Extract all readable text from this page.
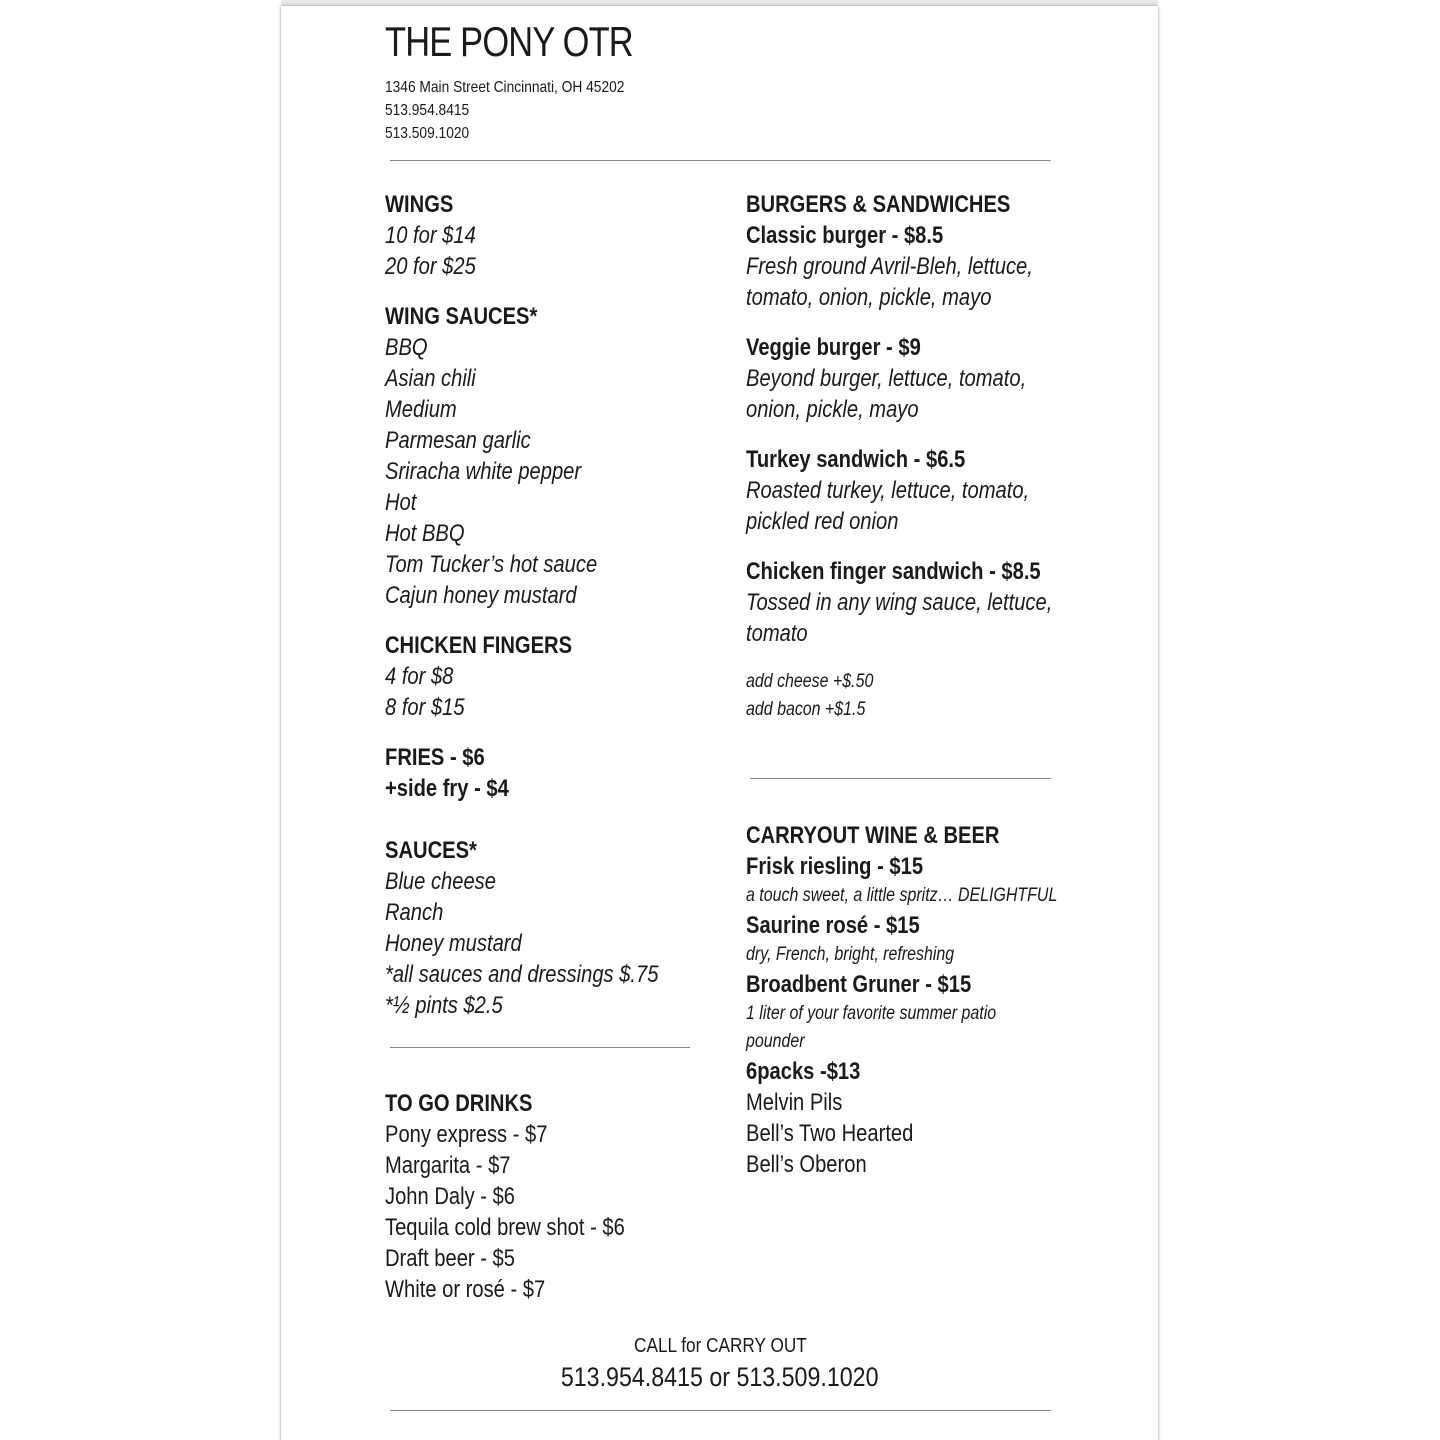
THE PONY OTR
1346 Main Street Cincinnati, OH 45202
513.954.8415
513.509.1020
WINGS
10 for $14
20 for $25
WING SAUCES*
BBQ
Asian chili
Medium
Parmesan garlic
Sriracha white pepper
Hot
Hot BBQ
Tom Tucker’s hot sauce
Cajun honey mustard
CHICKEN FINGERS
4 for $8
8 for $15
FRIES - $6
+side fry - $4
SAUCES*
Blue cheese
Ranch
Honey mustard
*all sauces and dressings $.75
*½ pints $2.5
TO GO DRINKS
Pony express - $7
Margarita - $7
John Daly - $6
Tequila cold brew shot - $6
Draft beer - $5
White or rosé - $7
BURGERS & SANDWICHES
Classic burger - $8.5
Fresh ground Avril-Bleh, lettuce,
tomato, onion, pickle, mayo
Veggie burger - $9
Beyond burger, lettuce, tomato,
onion, pickle, mayo
Turkey sandwich - $6.5
Roasted turkey, lettuce, tomato,
pickled red onion
Chicken finger sandwich - $8.5
Tossed in any wing sauce, lettuce,
tomato
add cheese +$.50
add bacon +$1.5
CARRYOUT WINE & BEER
Frisk riesling - $15
a touch sweet, a little spritz… DELIGHTFUL
Saurine rosé - $15
dry, French, bright, refreshing
Broadbent Gruner - $15
1 liter of your favorite summer patio
pounder
6packs -$13
Melvin Pils
Bell’s Two Hearted
Bell’s Oberon
CALL for CARRY OUT
513.954.8415 or 513.509.1020
